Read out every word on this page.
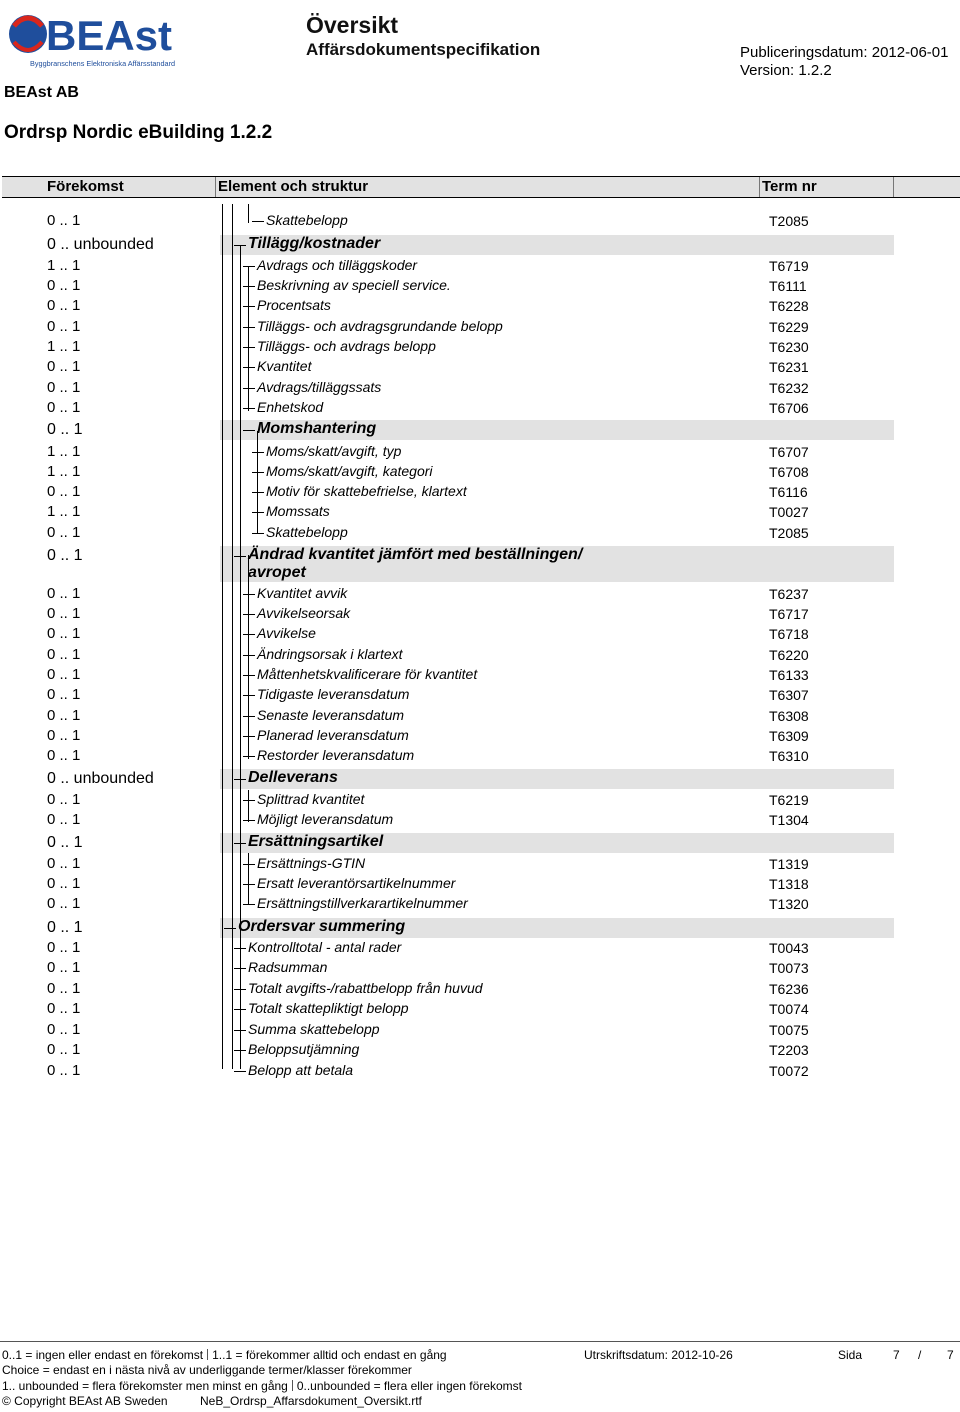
BEAst
Byggbranschens Elektroniska Affärsstandard
BEAst AB
Översikt
Affärsdokumentspecifikation	Publiceringsdatum: 2012-06-01
Version: 1.2.2
Ordrsp Nordic eBuilding 1.2.2
Förekomst	Element och struktur	Term nr
0 .. 1	Skattebelopp	T2085
0 .. unbounded	Tillägg/kostnader
1 .. 1	Avdrags och tilläggskoder	T6719
0 .. 1	Beskrivning av speciell service.	T6111
0 .. 1	Procentsats	T6228
0 .. 1	Tilläggs- och avdragsgrundande belopp	T6229
1 .. 1	Tilläggs- och avdrags belopp	T6230
0 .. 1	Kvantitet	T6231
0 .. 1	Avdrags/tilläggssats	T6232
0 .. 1	Enhetskod	T6706
0 .. 1	Momshantering
1 .. 1	Moms/skatt/avgift, typ	T6707
1 .. 1	Moms/skatt/avgift, kategori	T6708
0 .. 1	Motiv för skattebefrielse, klartext	T6116
1 .. 1	Momssats	T0027
0 .. 1	Skattebelopp	T2085
0 .. 1	Ändrad kvantitet jämfört med beställningen/
avropet
0 .. 1	Kvantitet avvik	T6237
0 .. 1	Avvikelseorsak	T6717
0 .. 1	Avvikelse	T6718
0 .. 1	Ändringsorsak i klartext	T6220
0 .. 1	Måttenhetskvalificerare för kvantitet	T6133
0 .. 1	Tidigaste leveransdatum	T6307
0 .. 1	Senaste leveransdatum	T6308
0 .. 1	Planerad leveransdatum	T6309
0 .. 1	Restorder leveransdatum	T6310
0 .. unbounded	Delleverans
0 .. 1	Splittrad kvantitet	T6219
0 .. 1	Möjligt leveransdatum	T1304
0 .. 1	Ersättningsartikel
0 .. 1	Ersättnings-GTIN	T1319
0 .. 1	Ersatt leverantörsartikelnummer	T1318
0 .. 1	Ersättningstillverkarartikelnummer	T1320
0 .. 1	Ordersvar summering
0 .. 1	Kontrolltotal - antal rader	T0043
0 .. 1	Radsumman	T0073
0 .. 1	Totalt avgifts-/rabattbelopp från huvud	T6236
0 .. 1	Totalt skattepliktigt belopp	T0074
0 .. 1	Summa skattebelopp	T0075
0 .. 1	Beloppsutjämning	T2203
0 .. 1	Belopp att betala	T0072
0..1 = ingen eller endast en förekomst 1..1 = förekommer alltid och endast en gång
Choice = endast en i nästa nivå av underliggande termer/klasser förekommer
1.. unbounded = flera förekomster men minst en gång 0..unbounded = flera eller ingen förekomst
© Copyright BEAst AB Sweden	NeB_Ordrsp_Affarsdokument_Oversikt.rtf
Utrskriftsdatum: 2012-10-26	Sida	7 / 7
